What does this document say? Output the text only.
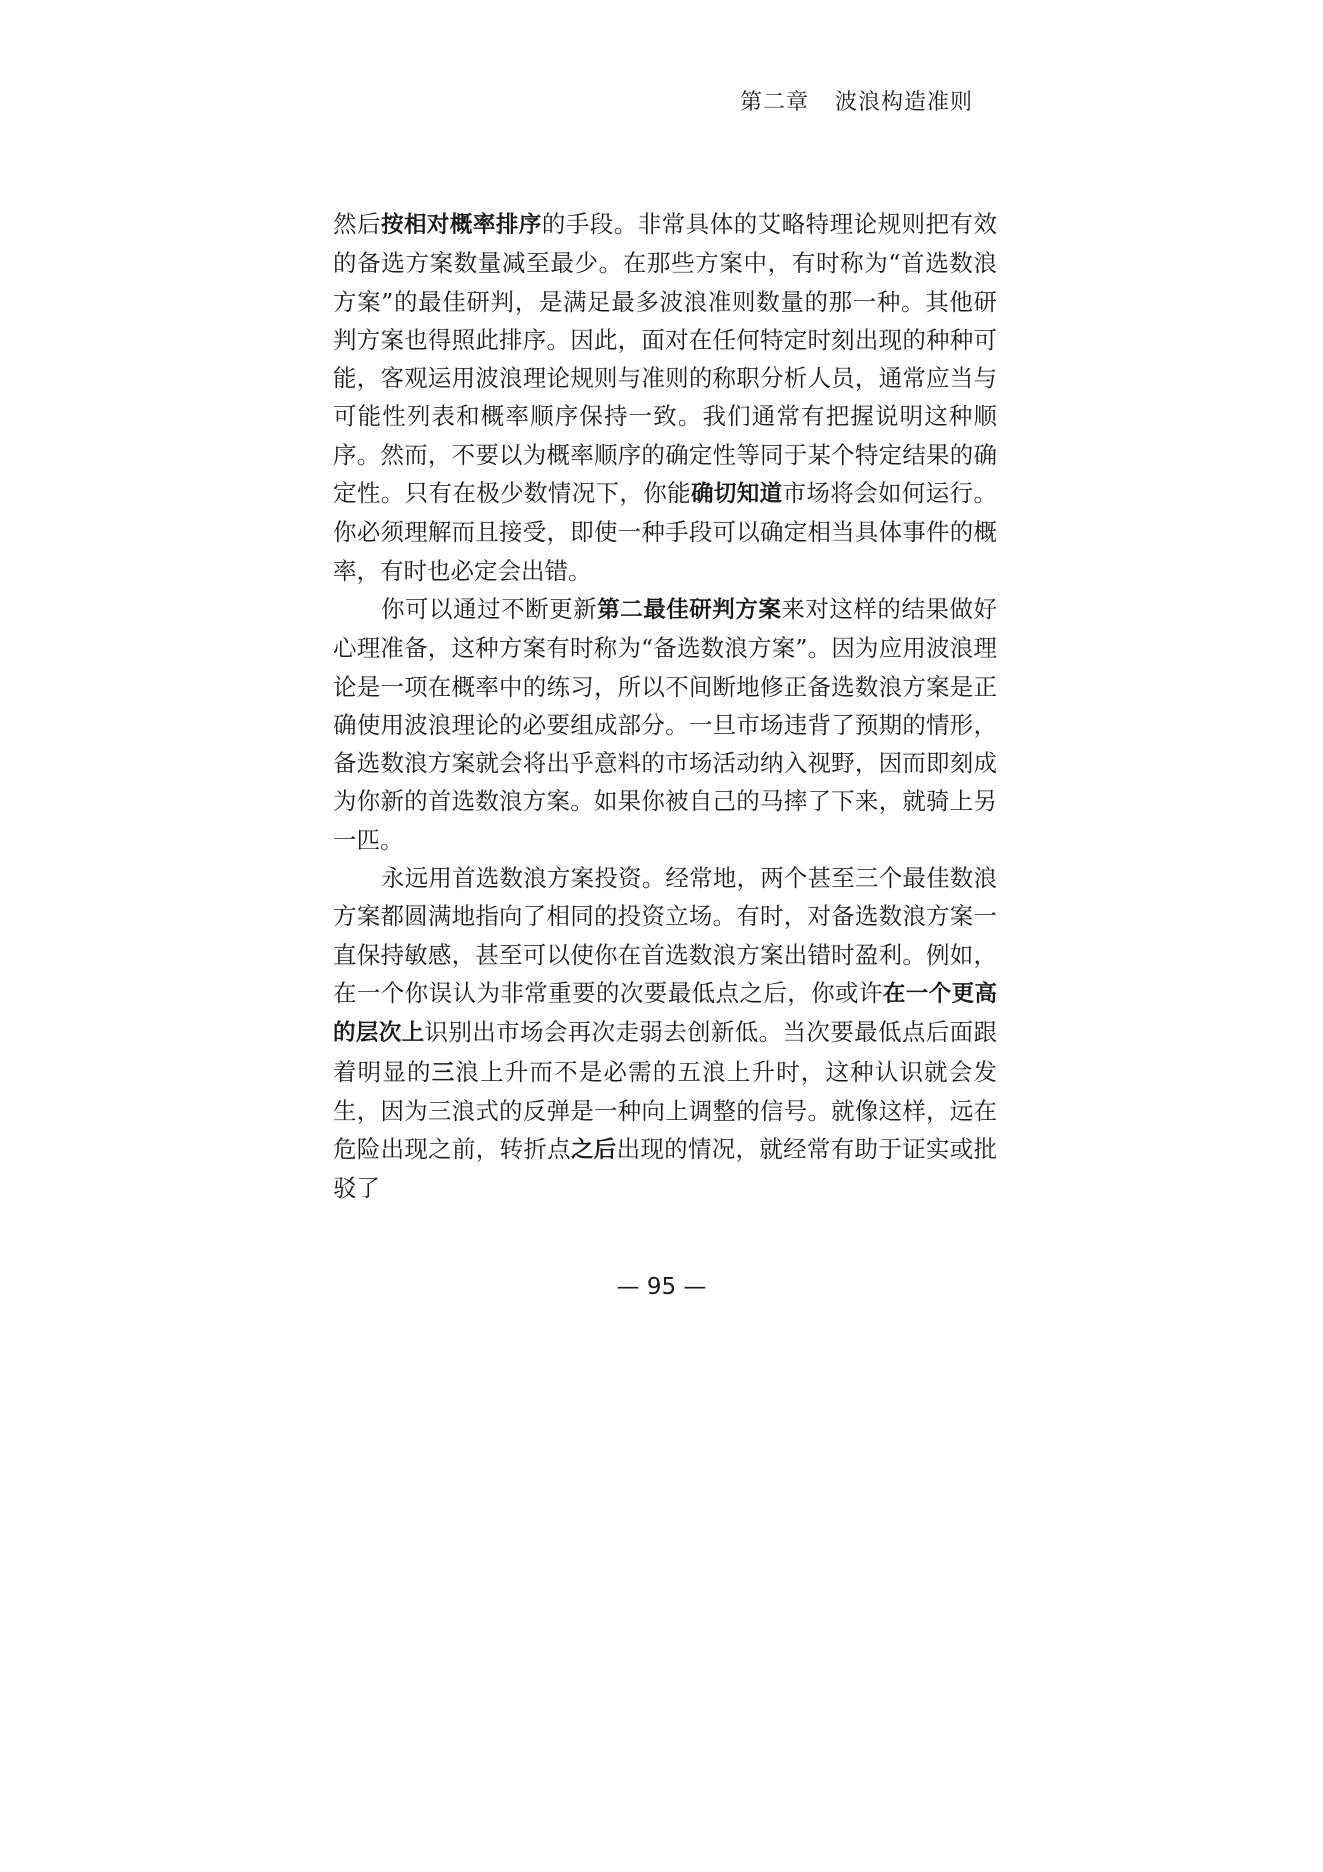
第二章 波浪构造准则

然后按相对概率排序的手段。非常具体的艾略特理论规则把有效的备选方案数量减至最少。在那些方案中，有时称为“首选数浪方案”的最佳研判，是满足最多波浪准则数量的那一种。其他研判方案也得照此排序。因此，面对在任何特定时刻出现的种种可能，客观运用波浪理论规则与准则的称职分析人员，通常应当与可能性列表和概率顺序保持一致。我们通常有把握说明这种顺序。然而，不要以为概率顺序的确定性等同于某个特定结果的确定性。只有在极少数情况下，你能确切知道市场将会如何运行。你必须理解而且接受，即使一种手段可以确定相当具体事件的概率，有时也必定会出错。

你可以通过不断更新第二最佳研判方案来对这样的结果做好心理准备，这种方案有时称为“备选数浪方案”。因为应用波浪理论是一项在概率中的练习，所以不间断地修正备选数浪方案是正确使用波浪理论的必要组成部分。一旦市场违背了预期的情形，备选数浪方案就会将出乎意料的市场活动纳入视野，因而即刻成为你新的首选数浪方案。如果你被自己的马摔了下来，就骑上另一匹。

永远用首选数浪方案投资。经常地，两个甚至三个最佳数浪方案都圆满地指向了相同的投资立场。有时，对备选数浪方案一直保持敏感，甚至可以使你在首选数浪方案出错时盈利。例如，在一个你误认为非常重要的次要最低点之后，你或许在一个更高的层次上识别出市场会再次走弱去创新低。当次要最低点后面跟着明显的三浪上升而不是必需的五浪上升时，这种认识就会发生，因为三浪式的反弹是一种向上调整的信号。就像这样，远在危险出现之前，转折点之后出现的情况，就经常有助于证实或批驳了

— 95 —
